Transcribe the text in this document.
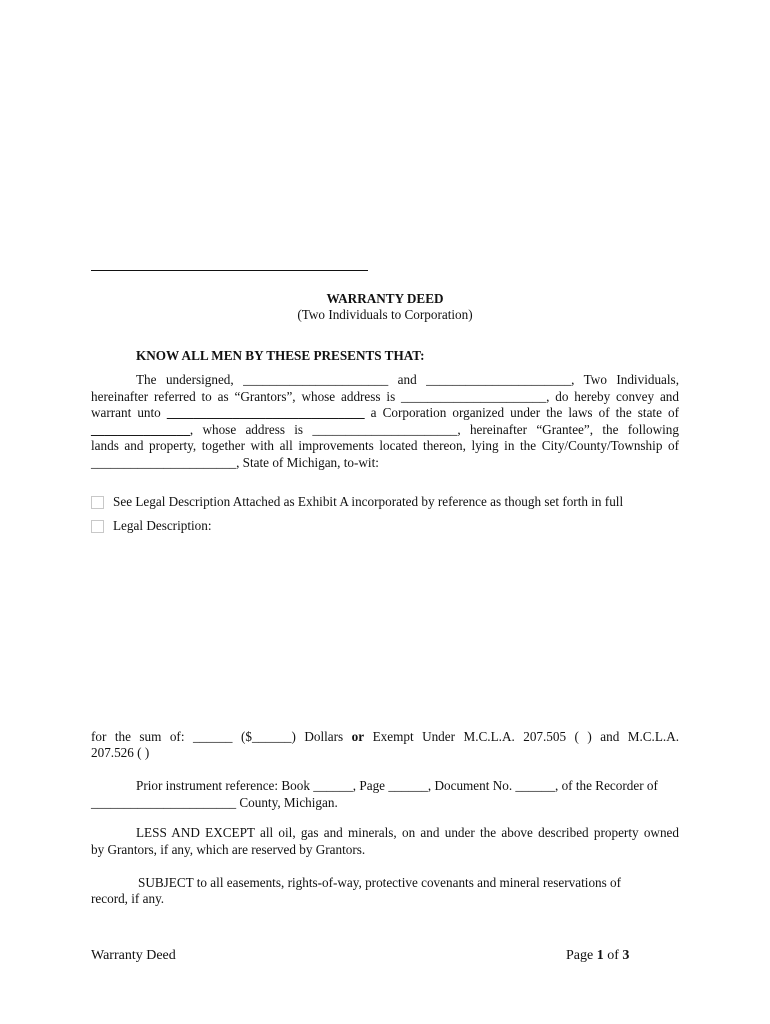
WARRANTY DEED
(Two Individuals to Corporation)
KNOW ALL MEN BY THESE PRESENTS THAT:
The undersigned, ______________________ and ______________________, Two Individuals,
hereinafter referred to as “Grantors”, whose address is ______________________, do hereby convey and
warrant unto ______________________________ a Corporation organized under the laws of the state of
_______________, whose address is ______________________, hereinafter “Grantee”, the following
lands and property, together with all improvements located thereon, lying in the City/County/Township of
______________________, State of Michigan, to-wit:
See Legal Description Attached as Exhibit A incorporated by reference as though set forth in full
Legal Description:
for the sum of: ______ ($______) Dollars or Exempt Under M.C.L.A. 207.505 ( ) and M.C.L.A.
207.526 ( )
Prior instrument reference: Book ______, Page ______, Document No. ______, of the Recorder of
______________________ County, Michigan.
LESS AND EXCEPT all oil, gas and minerals, on and under the above described property owned
by Grantors, if any, which are reserved by Grantors.
SUBJECT to all easements, rights-of-way, protective covenants and mineral reservations of
record, if any.
Warranty Deed	Page 1 of 3
